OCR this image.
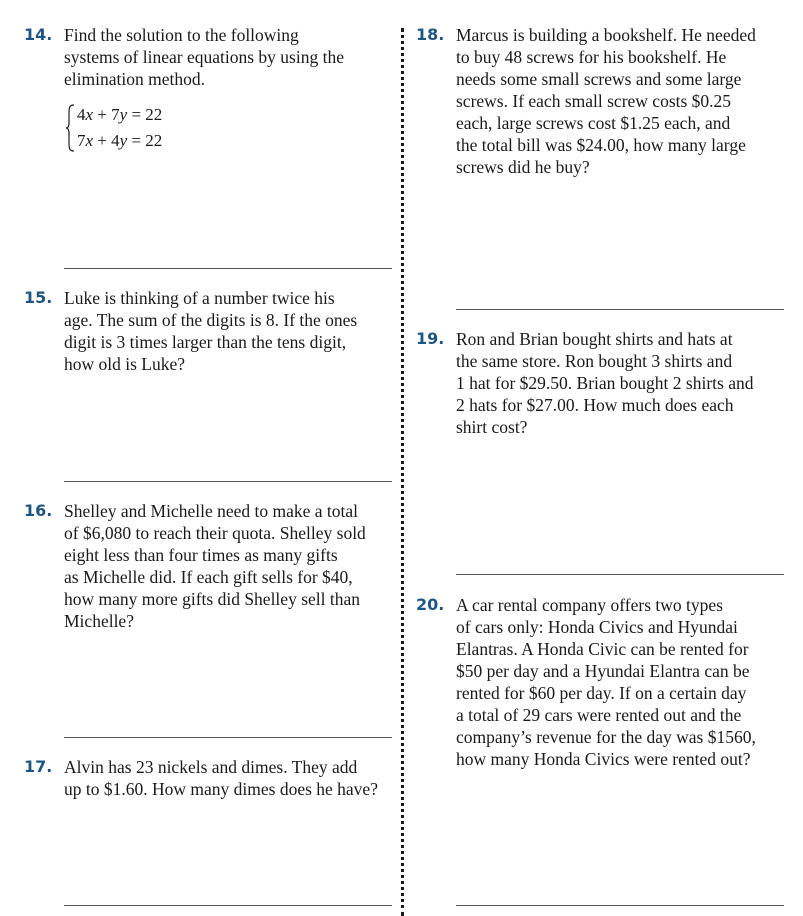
14. Find the solution to the following
systems of linear equations by using the
elimination method.
4x + 7y = 22
7x + 4y = 22
15. Luke is thinking of a number twice his
age. The sum of the digits is 8. If the ones
digit is 3 times larger than the tens digit,
how old is Luke?
16. Shelley and Michelle need to make a total
of $6,080 to reach their quota. Shelley sold
eight less than four times as many gifts
as Michelle did. If each gift sells for $40,
how many more gifts did Shelley sell than
Michelle?
17. Alvin has 23 nickels and dimes. They add
up to $1.60. How many dimes does he have?
18. Marcus is building a bookshelf. He needed
to buy 48 screws for his bookshelf. He
needs some small screws and some large
screws. If each small screw costs $0.25
each, large screws cost $1.25 each, and
the total bill was $24.00, how many large
screws did he buy?
19. Ron and Brian bought shirts and hats at
the same store. Ron bought 3 shirts and
1 hat for $29.50. Brian bought 2 shirts and
2 hats for $27.00. How much does each
shirt cost?
20. A car rental company offers two types
of cars only: Honda Civics and Hyundai
Elantras. A Honda Civic can be rented for
$50 per day and a Hyundai Elantra can be
rented for $60 per day. If on a certain day
a total of 29 cars were rented out and the
company’s revenue for the day was $1560,
how many Honda Civics were rented out?
